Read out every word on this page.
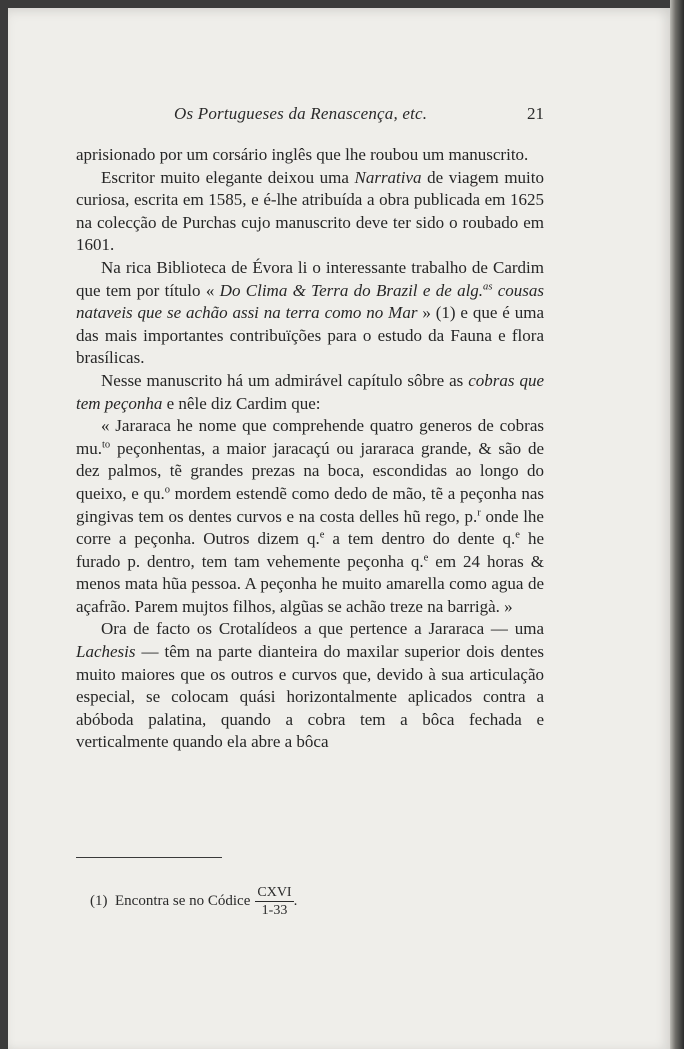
Os Portugueses da Renascença, etc.	21

aprisionado por um corsário inglês que lhe roubou um manuscrito.

Escritor muito elegante deixou uma Narrativa de viagem muito curiosa, escrita em 1585, e é-lhe atribuída a obra publicada em 1625 na colecção de Purchas cujo manuscrito deve ter sido o roubado em 1601.

Na rica Biblioteca de Évora li o interessante trabalho de Cardim que tem por título « Do Clima & Terra do Brazil e de alg.$^{as}$ cousas nataveis que se achão assi na terra como no Mar » (1) e que é uma das mais importantes contribuïções para o estudo da Fauna e flora brasílicas.

Nesse manuscrito há um admirável capítulo sôbre as cobras que tem peçonha e nêle diz Cardim que:

« Jararaca he nome que comprehende quatro generos de cobras mu.$^{to}$ peçonhentas, a maior jaracaçú ou jararaca grande, & são de dez palmos, tẽ grandes prezas na boca, escondidas ao longo do queixo, e qu.$^o$ mordem estendẽ como dedo de mão, tẽ a peçonha nas gingivas tem os dentes curvos e na costa delles hũ rego, p.$^r$ onde lhe corre a peçonha. Outros dizem q.$^e$ a tem dentro do dente q.$^e$ he furado p. dentro, tem tam vehemente peçonha q.$^e$ em 24 horas & menos mata hũa pessoa. A peçonha he muito amarella como agua de açafrão. Parem mujtos filhos, algũas se achão treze na barrigà. »

Ora de facto os Crotalídeos a que pertence a Jararaca — uma Lachesis — têm na parte dianteira do maxilar superior dois dentes muito maiores que os outros e curvos que, devido à sua articulação especial, se colocam quási horizontalmente aplicados contra a abóboda palatina, quando a cobra tem a bôca fechada e verticalmente quando ela abre a bôca

(1)
Encontra se no Códice $\frac{\text{CXVI}}{1-33}$ .
